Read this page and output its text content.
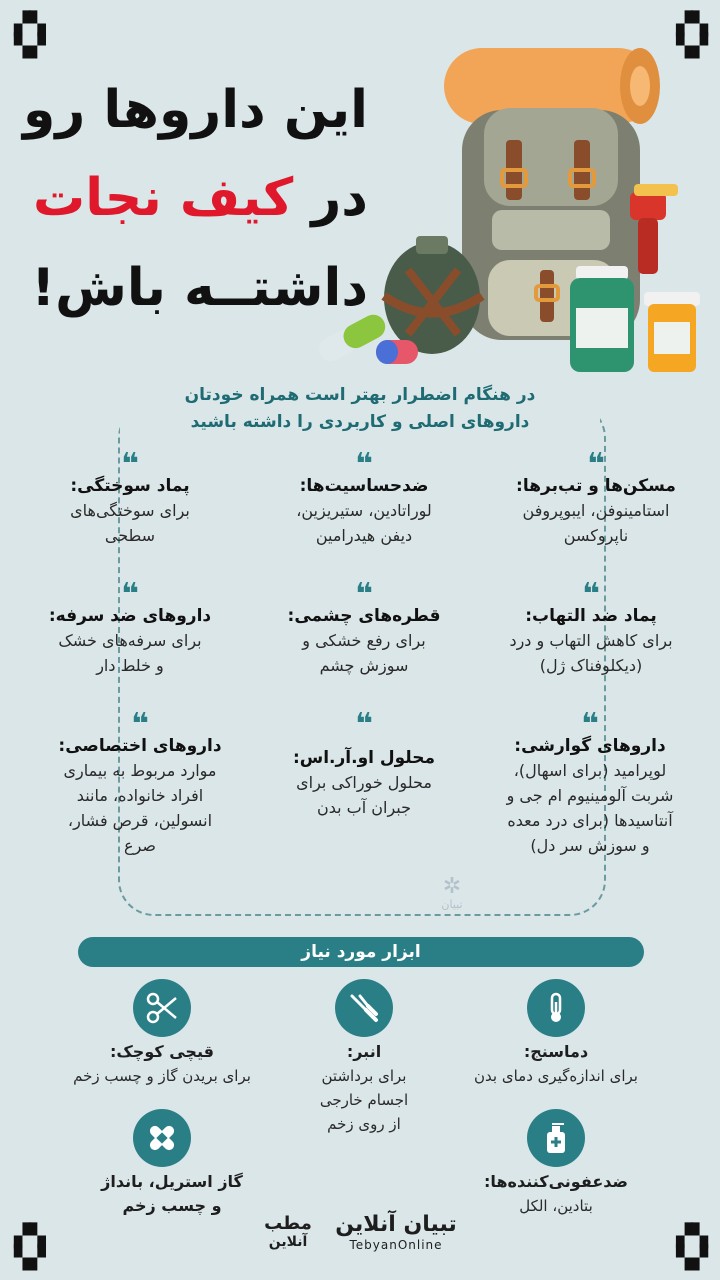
▞▚
▚▞
▞▚
▚▞
▞▚
▚▞
▞▚
▚▞
این داروها رو
در کیف نجات
داشتــه باش!
در هنگام اضطرار بهتر است همراه خودتان
داروهای اصلی و کاربردی را داشته باشید
❝
مسکن‌ها و تب‌برها:
استامینوفن، ایبوپروفن
ناپروکسن
❝
ضدحساسیت‌ها:
لوراتادین، ستیریزین،
دیفن هیدرامین
❝
پماد سوختگی:
برای سوختگی‌های
سطحی
❝
پماد ضد التهاب:
برای کاهش التهاب و درد
(دیکلوفناک ژل)
❝
قطره‌های چشمی:
برای رفع خشکی و
سوزش چشم
❝
داروهای ضد سرفه:
برای سرفه‌های خشک
و خلط دار
❝
داروهای گوارشی:
لوپرامید (برای اسهال)،
شربت آلومینیوم ام جی و
آنتاسیدها (برای درد معده
و سوزش سر دل)
❝
محلول او.آر.اس:
محلول خوراکی برای
جبران آب بدن
❝
داروهای اختصاصی:
موارد مربوط به بیماری
افراد خانواده، مانند
انسولین، قرص فشار،
صرع
✲
تبیان
ابزار مورد نیاز
دماسنج:
برای اندازه‌گیری دمای بدن
انبر:
برای برداشتن
اجسام خارجی
از روی زخم
قیچی کوچک:
برای بریدن گاز و چسب زخم
ضدعفونی‌کننده‌ها:
بتادین، الکل
گاز استریل، بانداژ
و چسب زخم
تبیان آنلاین
TebyanOnline
مطب
آنلاین
